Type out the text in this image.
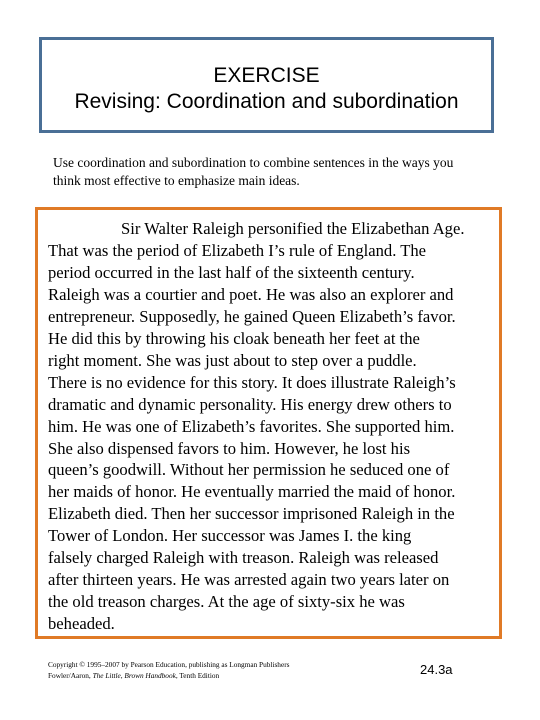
EXERCISE
Revising: Coordination and subordination
Use coordination and subordination to combine sentences in the ways you
think most effective to emphasize main ideas.
Sir Walter Raleigh personified the Elizabethan Age.
That was the period of Elizabeth I’s rule of England. The
period occurred in the last half of the sixteenth century.
Raleigh was a courtier and poet. He was also an explorer and
entrepreneur. Supposedly, he gained Queen Elizabeth’s favor.
He did this by throwing his cloak beneath her feet at the
right moment. She was just about to step over a puddle.
There is no evidence for this story. It does illustrate Raleigh’s
dramatic and dynamic personality. His energy drew others to
him. He was one of Elizabeth’s favorites. She supported him.
She also dispensed favors to him. However, he lost his
queen’s goodwill. Without her permission he seduced one of
her maids of honor. He eventually married the maid of honor.
Elizabeth died. Then her successor imprisoned Raleigh in the
Tower of London. Her successor was James I. the king
falsely charged Raleigh with treason. Raleigh was released
after thirteen years. He was arrested again two years later on
the old treason charges. At the age of sixty-six he was
beheaded.
Copyright © 1995–2007 by Pearson Education, publishing as Longman Publishers
Fowler/Aaron, The Little, Brown Handbook, Tenth Edition	24.3a
